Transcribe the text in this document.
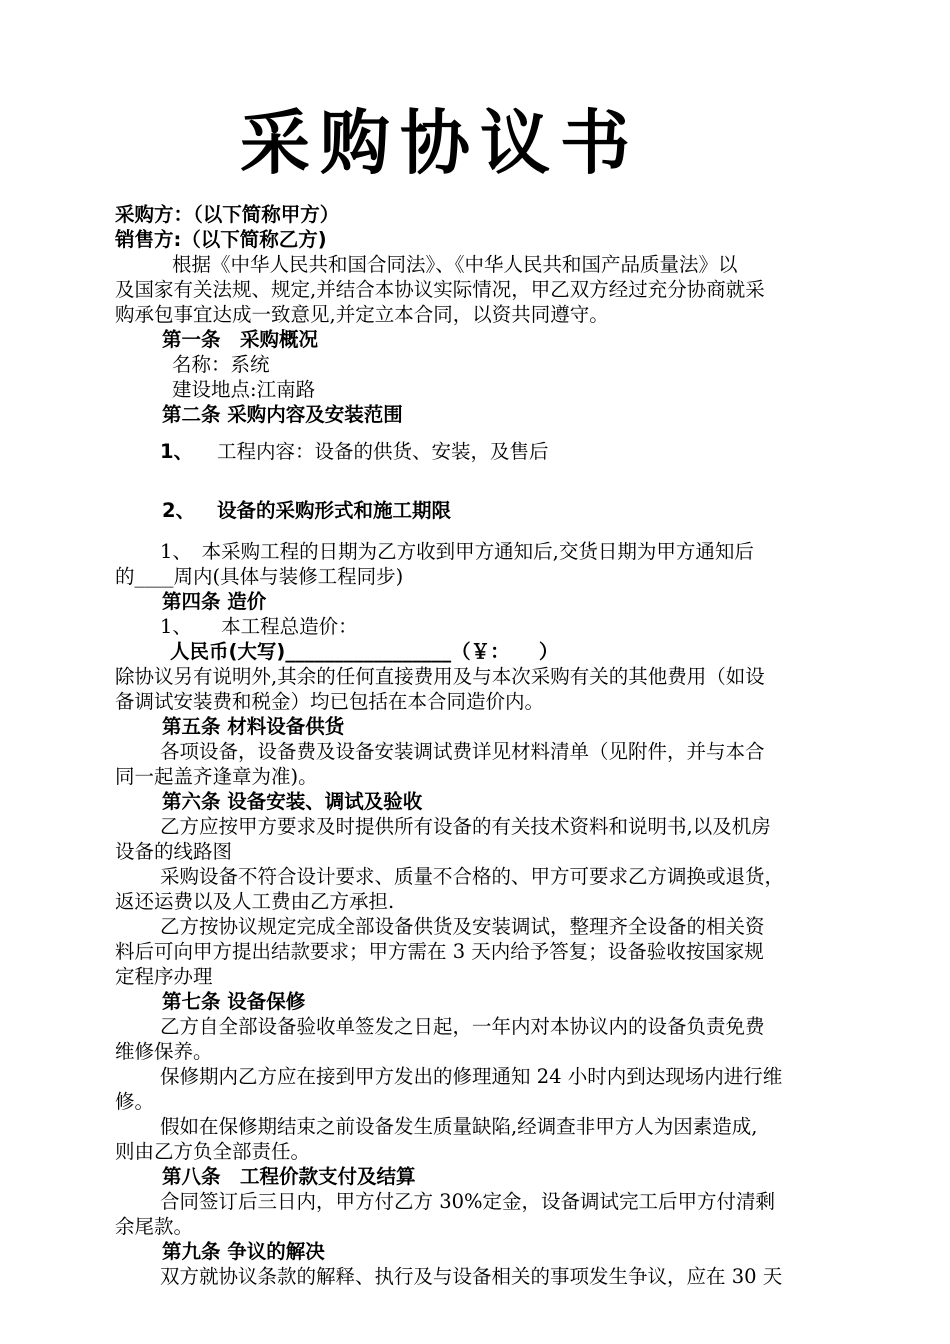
采购协议书
采购方：（以下简称甲方）
销售方:（以下简称乙方)
根据《中华人民共和国合同法》、《中华人民共和国产品质量法》以
及国家有关法规、规定,并结合本协议实际情况，甲乙双方经过充分协商就采
购承包事宜达成一致意见,并定立本合同，以资共同遵守。
第一条　采购概况
名称：系统
建设地点:江南路
第二条 采购内容及安装范围
1、 工程内容：设备的供货、安装，及售后
2、 设备的采购形式和施工期限
1、　本采购工程的日期为乙方收到甲方通知后,交货日期为甲方通知后
的____周内(具体与装修工程同步)
第四条 造价
1、　　本工程总造价：
人民币(大写)_________________（￥：　　）
除协议另有说明外,其余的任何直接费用及与本次采购有关的其他费用（如设
备调试安装费和税金）均已包括在本合同造价内。
第五条 材料设备供货
各项设备，设备费及设备安装调试费详见材料清单（见附件，并与本合
同一起盖齐逢章为准)。
第六条 设备安装、调试及验收
乙方应按甲方要求及时提供所有设备的有关技术资料和说明书,以及机房
设备的线路图
采购设备不符合设计要求、质量不合格的、甲方可要求乙方调换或退货，
返还运费以及人工费由乙方承担.
乙方按协议规定完成全部设备供货及安装调试，整理齐全设备的相关资
料后可向甲方提出结款要求；甲方需在 3 天内给予答复；设备验收按国家规
定程序办理
第七条 设备保修
乙方自全部设备验收单签发之日起，一年内对本协议内的设备负责免费
维修保养。
保修期内乙方应在接到甲方发出的修理通知 24 小时内到达现场内进行维
修。
假如在保修期结束之前设备发生质量缺陷,经调查非甲方人为因素造成,
则由乙方负全部责任。
第八条　工程价款支付及结算
合同签订后三日内，甲方付乙方 30%定金，设备调试完工后甲方付清剩
余尾款。
第九条 争议的解决
双方就协议条款的解释、执行及与设备相关的事项发生争议，应在 30 天
